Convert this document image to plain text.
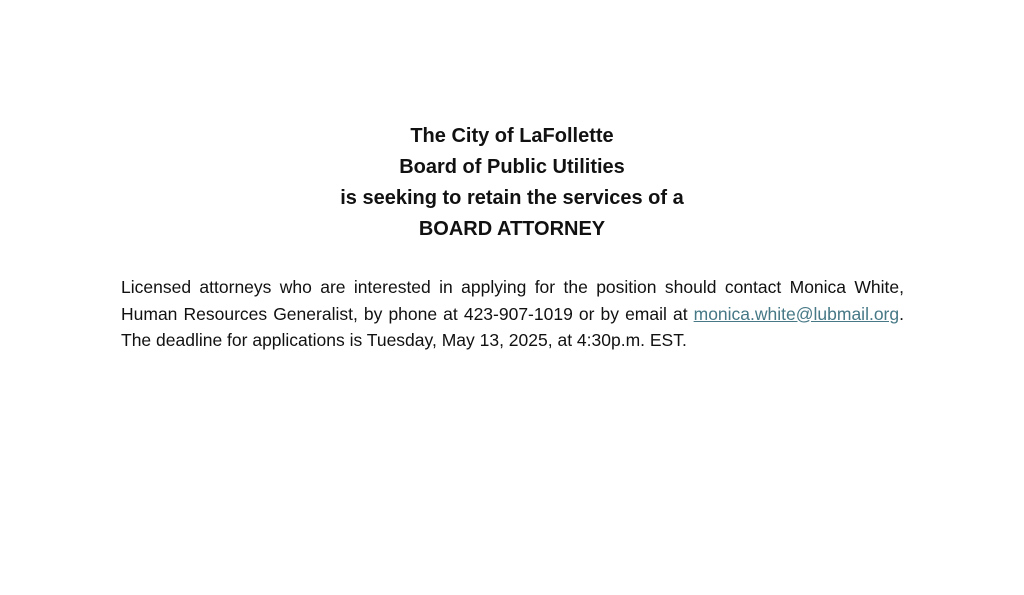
The City of LaFollette
Board of Public Utilities
is seeking to retain the services of a
BOARD ATTORNEY

Licensed attorneys who are interested in applying for the position should contact Monica White, Human Resources Generalist, by phone at 423-907-1019 or by email at monica.white@lubmail.org. The deadline for applications is Tuesday, May 13, 2025, at 4:30p.m. EST.
